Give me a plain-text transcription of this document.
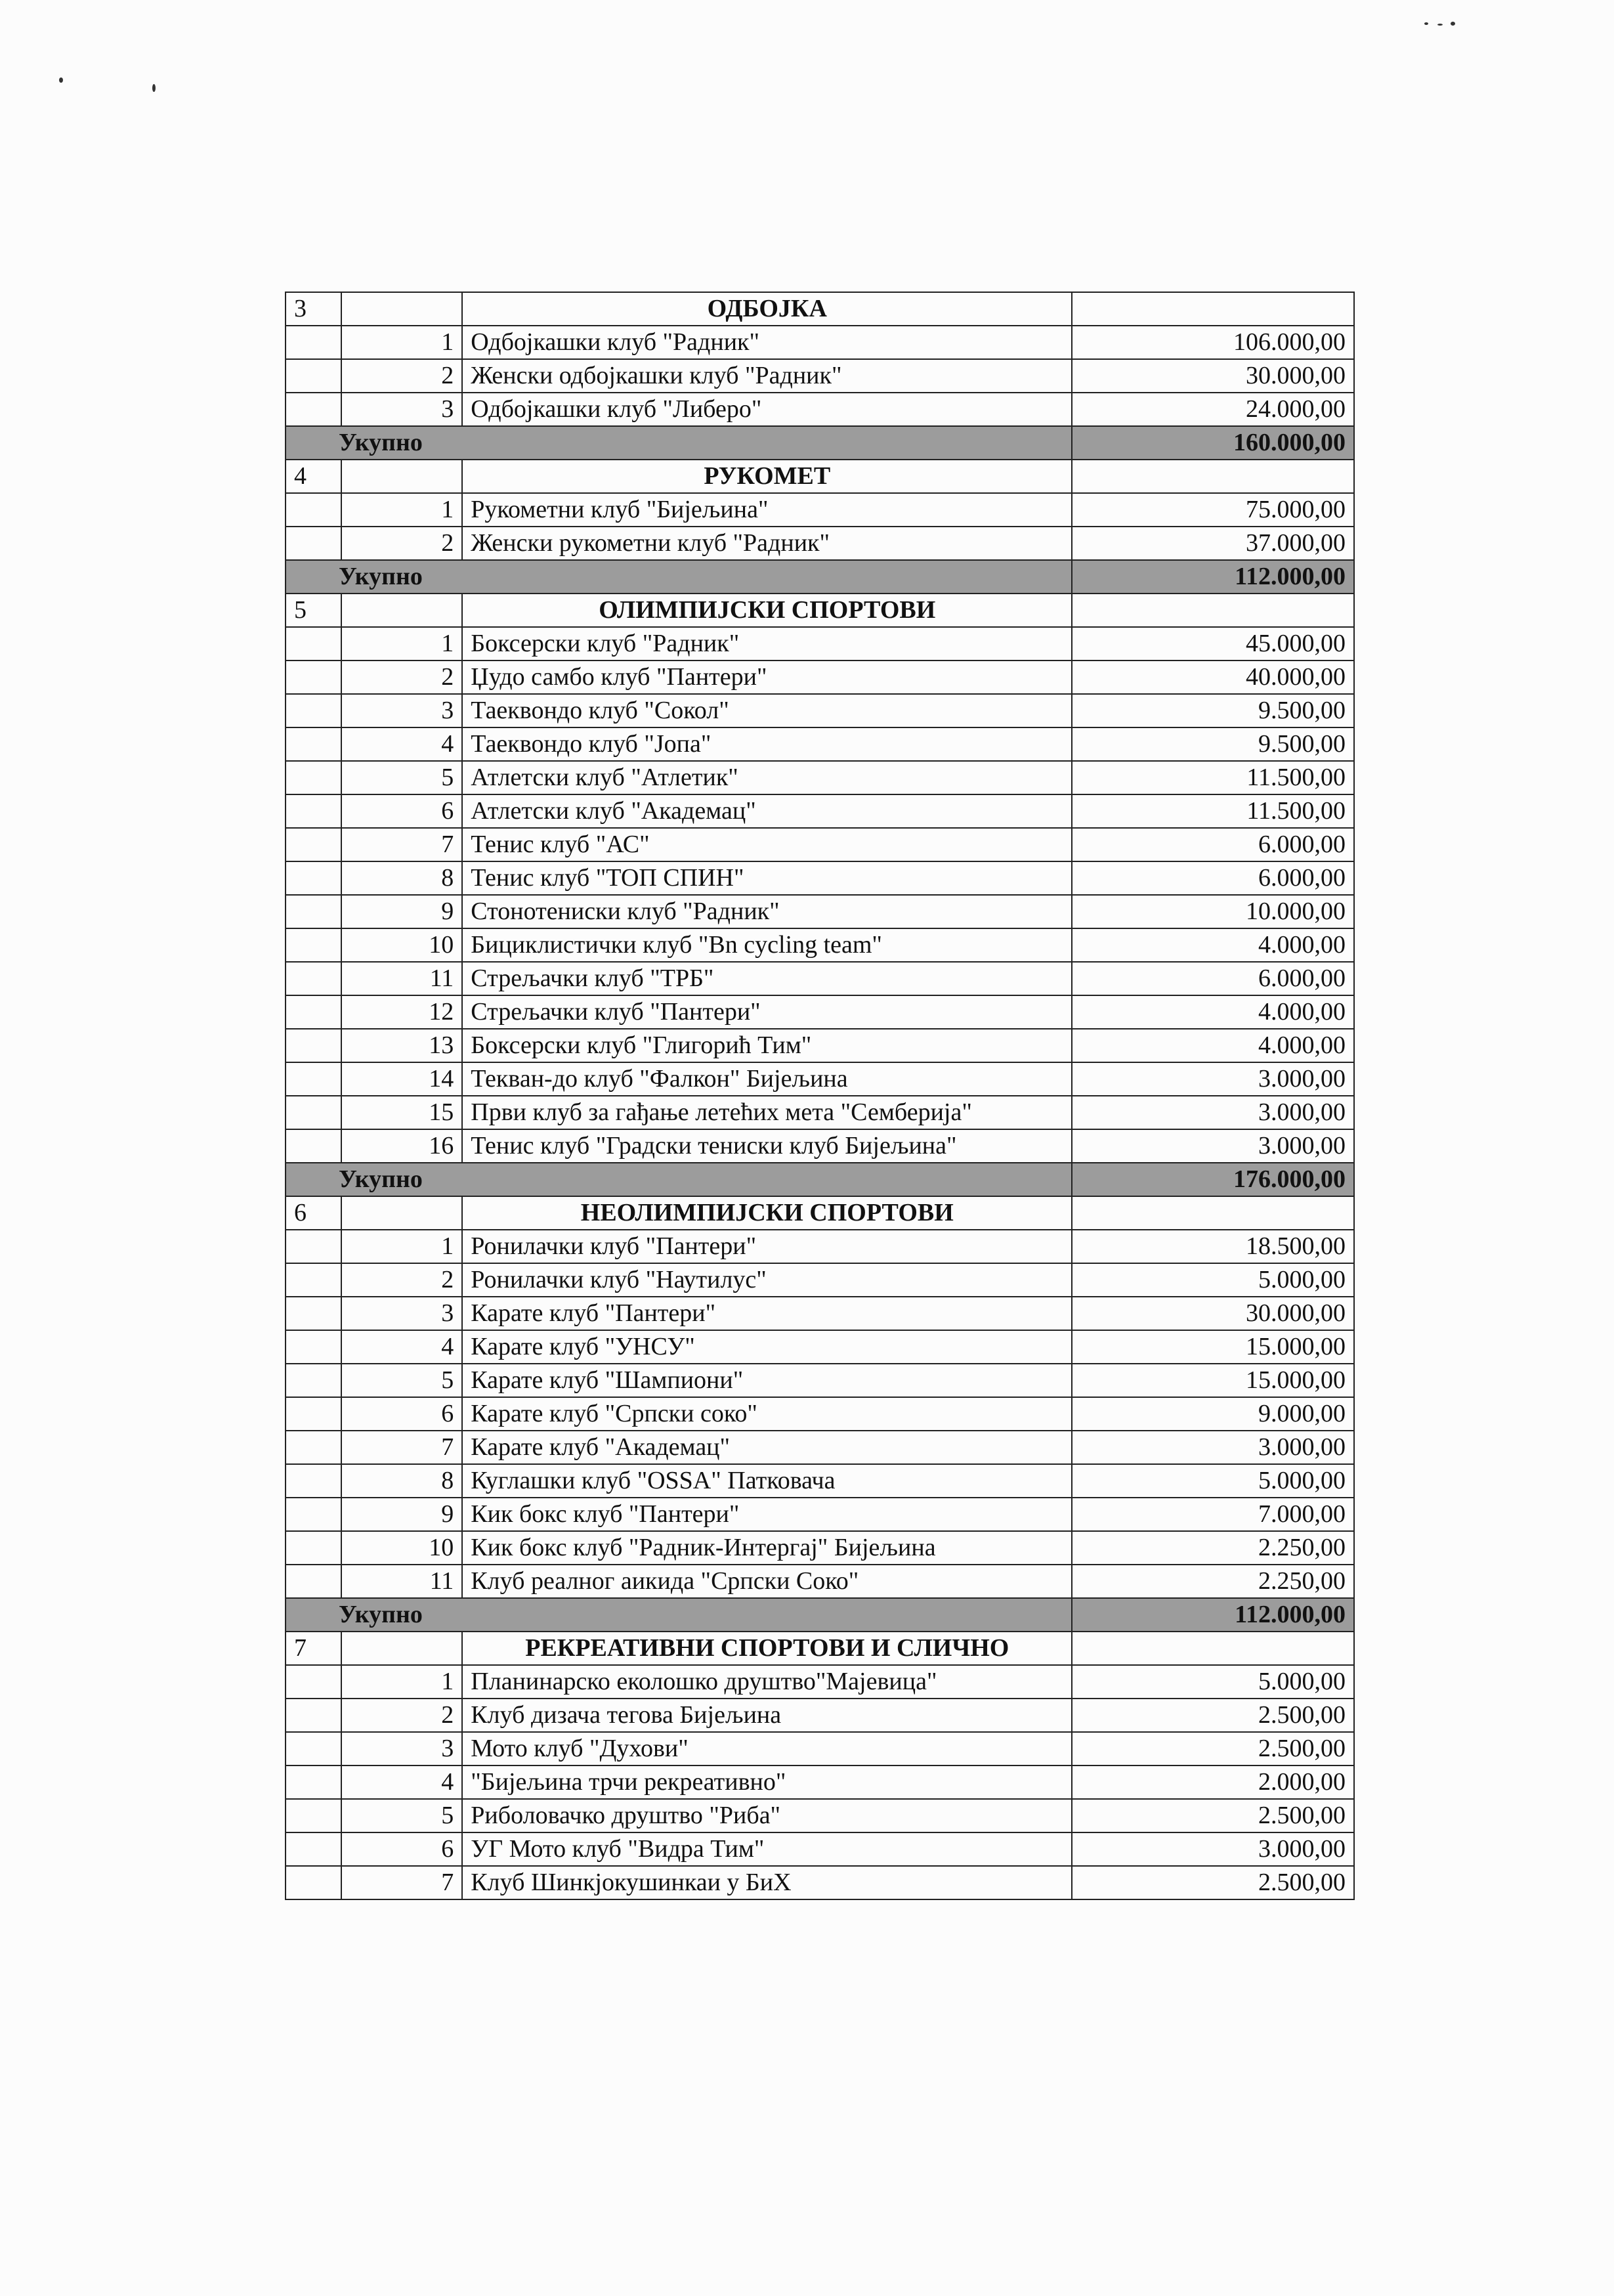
3		ОДБОЈКА	
	1	Одбојкашки клуб "Радник"	106.000,00
	2	Женски одбојкашки клуб "Радник"	30.000,00
	3	Одбојкашки клуб "Либеро"	24.000,00
Укупно			160.000,00
4		РУКОМЕТ	
	1	Рукометни клуб "Бијељина"	75.000,00
	2	Женски рукометни клуб "Радник"	37.000,00
Укупно			112.000,00
5		ОЛИМПИЈСКИ СПОРТОВИ	
	1	Боксерски клуб "Радник"	45.000,00
	2	Џудо самбо клуб "Пантери"	40.000,00
	3	Таеквондо клуб "Сокол"	9.500,00
	4	Таеквондо клуб "Јопа"	9.500,00
	5	Атлетски клуб "Атлетик"	11.500,00
	6	Атлетски клуб "Академац"	11.500,00
	7	Тенис клуб "АС"	6.000,00
	8	Тенис клуб "ТОП СПИН"	6.000,00
	9	Стонотениски клуб "Радник"	10.000,00
	10	Бициклистички клуб "Bn cycling team"	4.000,00
	11	Стрељачки клуб "ТРБ"	6.000,00
	12	Стрељачки клуб "Пантери"	4.000,00
	13	Боксерски клуб "Глигорић Тим"	4.000,00
	14	Текван-до клуб "Фалкон" Бијељина	3.000,00
	15	Први клуб за гађање летећих мета "Семберија"	3.000,00
	16	Тенис клуб "Градски тениски клуб Бијељина"	3.000,00
Укупно			176.000,00
6		НЕОЛИМПИЈСКИ СПОРТОВИ	
	1	Ронилачки клуб "Пантери"	18.500,00
	2	Ронилачки клуб "Наутилус"	5.000,00
	3	Карате клуб "Пантери"	30.000,00
	4	Карате клуб "УНСУ"	15.000,00
	5	Карате клуб "Шампиони"	15.000,00
	6	Карате клуб "Српски соко"	9.000,00
	7	Карате клуб "Академац"	3.000,00
	8	Куглашки клуб "OSSA" Патковача	5.000,00
	9	Кик бокс клуб "Пантери"	7.000,00
	10	Кик бокс клуб "Радник-Интергај" Бијељина	2.250,00
	11	Клуб реалног аикида "Српски Соко"	2.250,00
Укупно			112.000,00
7		РЕКРЕАТИВНИ СПОРТОВИ И СЛИЧНО	
	1	Планинарско еколошко друштво"Мајевица"	5.000,00
	2	Клуб дизача тегова Бијељина	2.500,00
	3	Мото клуб "Духови"	2.500,00
	4	"Бијељина трчи рекреативно"	2.000,00
	5	Риболовачко друштво "Риба"	2.500,00
	6	УГ Мото клуб "Видра Тим"	3.000,00
	7	Клуб Шинкјокушинкаи у БиХ	2.500,00
